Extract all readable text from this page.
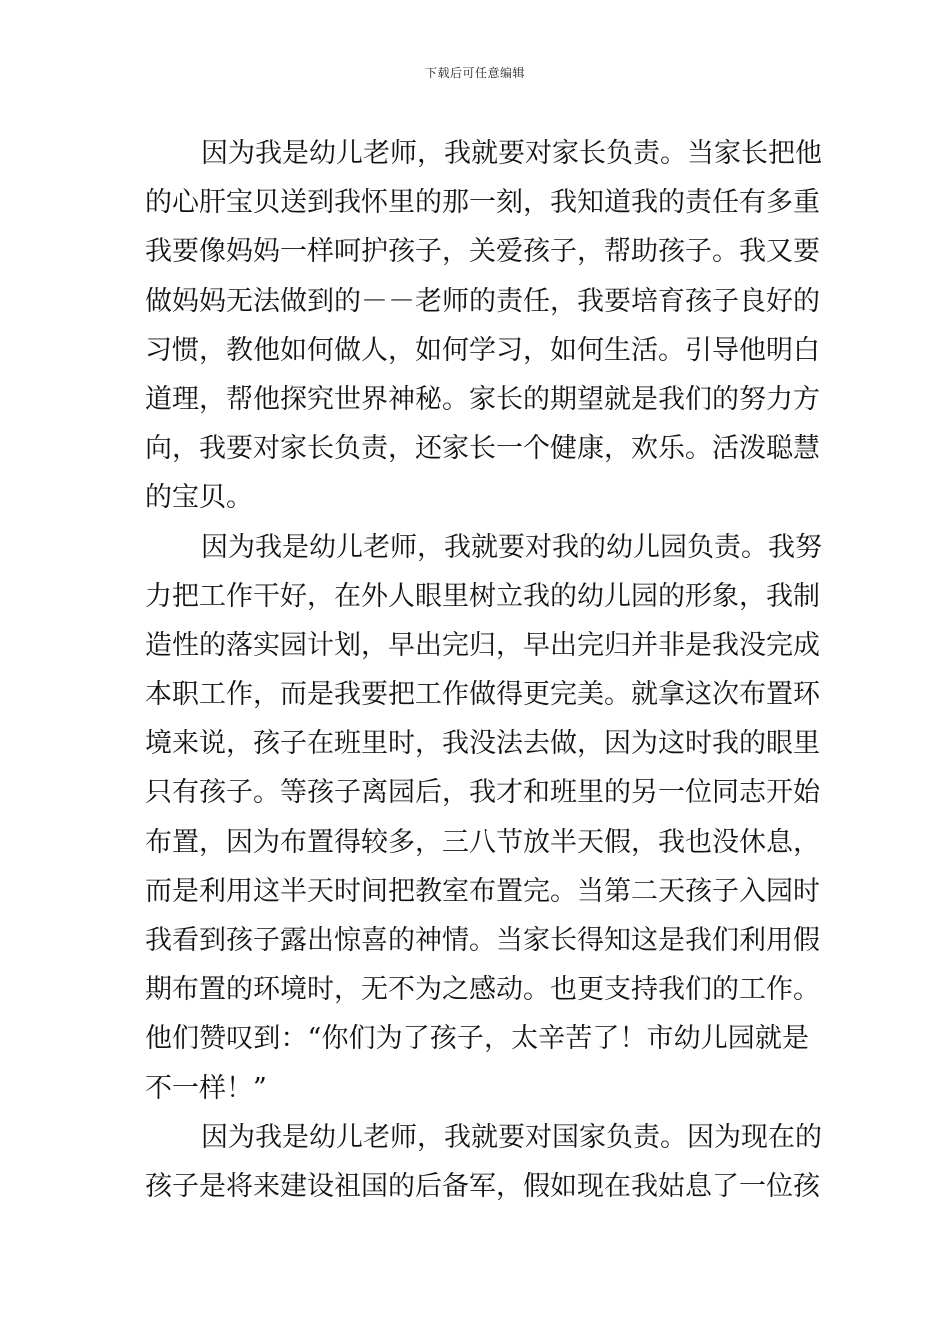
下载后可任意编辑
因为我是幼儿老师，我就要对家长负责。当家长把他
的心肝宝贝送到我怀里的那一刻，我知道我的责任有多重
我要像妈妈一样呵护孩子，关爱孩子，帮助孩子。我又要
做妈妈无法做到的－－老师的责任，我要培育孩子良好的
习惯，教他如何做人，如何学习，如何生活。引导他明白
道理，帮他探究世界神秘。家长的期望就是我们的努力方
向，我要对家长负责，还家长一个健康，欢乐。活泼聪慧
的宝贝。
因为我是幼儿老师，我就要对我的幼儿园负责。我努
力把工作干好，在外人眼里树立我的幼儿园的形象，我制
造性的落实园计划，早出完归，早出完归并非是我没完成
本职工作，而是我要把工作做得更完美。就拿这次布置环
境来说，孩子在班里时，我没法去做，因为这时我的眼里
只有孩子。等孩子离园后，我才和班里的另一位同志开始
布置，因为布置得较多，三八节放半天假，我也没休息，
而是利用这半天时间把教室布置完。当第二天孩子入园时
我看到孩子露出惊喜的神情。当家长得知这是我们利用假
期布置的环境时，无不为之感动。也更支持我们的工作。
他们赞叹到：“你们为了孩子，太辛苦了！市幼儿园就是
不一样！”
因为我是幼儿老师，我就要对国家负责。因为现在的
孩子是将来建设祖国的后备军，假如现在我姑息了一位孩
